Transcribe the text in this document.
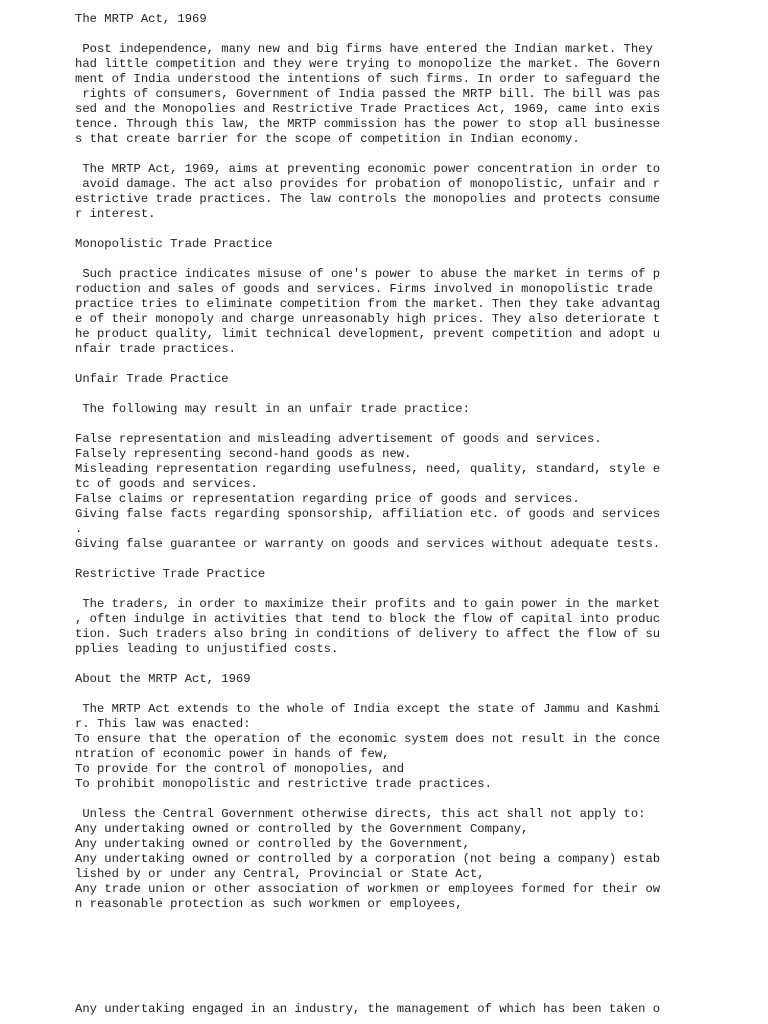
The MRTP Act, 1969
Post independence, many new and big firms have entered the Indian market. They
had little competition and they were trying to monopolize the market. The Govern
ment of India understood the intentions of such firms. In order to safeguard the
rights of consumers, Government of India passed the MRTP bill. The bill was pas
sed and the Monopolies and Restrictive Trade Practices Act, 1969, came into exis
tence. Through this law, the MRTP commission has the power to stop all businesse
s that create barrier for the scope of competition in Indian economy.
The MRTP Act, 1969, aims at preventing economic power concentration in order to
avoid damage. The act also provides for probation of monopolistic, unfair and r
estrictive trade practices. The law controls the monopolies and protects consume
r interest.
Monopolistic Trade Practice
Such practice indicates misuse of one's power to abuse the market in terms of p
roduction and sales of goods and services. Firms involved in monopolistic trade
practice tries to eliminate competition from the market. Then they take advantag
e of their monopoly and charge unreasonably high prices. They also deteriorate t
he product quality, limit technical development, prevent competition and adopt u
nfair trade practices.
Unfair Trade Practice
The following may result in an unfair trade practice:
False representation and misleading advertisement of goods and services.
Falsely representing second-hand goods as new.
Misleading representation regarding usefulness, need, quality, standard, style e
tc of goods and services.
False claims or representation regarding price of goods and services.
Giving false facts regarding sponsorship, affiliation etc. of goods and services
.
Giving false guarantee or warranty on goods and services without adequate tests.
Restrictive Trade Practice
The traders, in order to maximize their profits and to gain power in the market
, often indulge in activities that tend to block the flow of capital into produc
tion. Such traders also bring in conditions of delivery to affect the flow of su
pplies leading to unjustified costs.
About the MRTP Act, 1969
The MRTP Act extends to the whole of India except the state of Jammu and Kashmi
r. This law was enacted:
To ensure that the operation of the economic system does not result in the conce
ntration of economic power in hands of few,
To provide for the control of monopolies, and
To prohibit monopolistic and restrictive trade practices.
Unless the Central Government otherwise directs, this act shall not apply to:
Any undertaking owned or controlled by the Government Company,
Any undertaking owned or controlled by the Government,
Any undertaking owned or controlled by a corporation (not being a company) estab
lished by or under any Central, Provincial or State Act,
Any trade union or other association of workmen or employees formed for their ow
n reasonable protection as such workmen or employees,
Any undertaking engaged in an industry, the management of which has been taken o
